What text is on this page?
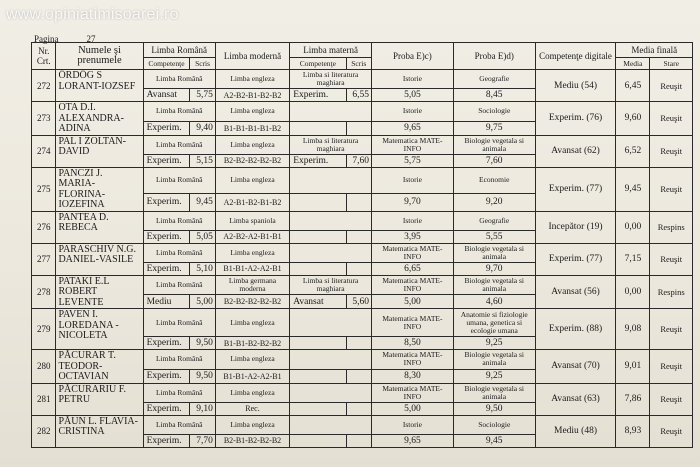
www.opiniatimisoarei.ro
Pagina	27
Nr. Crt.	Numele şi prenumele	Limba Română		Limba modernă	Limba maternă		Proba E)c)	Proba E)d)	Competenţe digitale	Media finală	
		Competenţe	Scris		Competenţe	Scris				Media	Stare
272	ÖRDÖG S LORANT-IOZSEF	Limba Română		Limba engleza	Limba si literatura maghiara		Istorie	Geografie	Mediu (54)	6,45	Reuşit
		Avansat	5,75	A2-B2-B1-B2-B2	Experim.	6,55	5,05	8,45			
273	OTA D.I. ALEXANDRA-ADINA	Limba Română		Limba engleza			Istorie	Sociologie	Experim. (76)	9,60	Reuşit
		Experim.	9,40	B1-B1-B1-B1-B2			9,65	9,75			
274	PAL I ZOLTAN-DAVID	Limba Română		Limba engleza	Limba si literatura maghiara		Matematica MATE-INFO	Biologie vegetala si animala	Avansat (62)	6,52	Reuşit
		Experim.	5,15	B2-B2-B2-B2-B2	Experim.	7,60	5,75	7,60			
275	PANCZI J. MARIA-FLORINA-IOZEFINA	Limba Română		Limba engleza			Istorie	Economie	Experim. (77)	9,45	Reuşit
		Experim.	9,45	A2-B1-B2-B1-B2			9,70	9,20			
276	PANTEA D. REBECA	Limba Română		Limba spaniola			Istorie	Geografie	Incepător (19)	0,00	Respins
		Experim.	5,05	A2-B2-A2-B1-B1			3,95	5,55			
277	PARASCHIV N.G. DANIEL-VASILE	Limba Română		Limba engleza			Matematica MATE-INFO	Biologie vegetala si animala	Experim. (77)	7,15	Reuşit
		Experim.	5,10	B1-B1-A2-A2-B1			6,65	9,70			
278	PATAKI E.L ROBERT LEVENTE	Limba Română		Limba germana moderna	Limba si literatura maghiara		Matematica MATE-INFO	Biologie vegetala si animala	Avansat (56)	0,00	Respins
		Mediu	5,00	B2-B2-B2-B2-B2	Avansat	5,60	5,00	4,60			
279	PAVEN I. LOREDANA - NICOLETA	Limba Română		Limba engleza			Matematica MATE-INFO	Anatomie si fiziologie umana, genetica si ecologie umana	Experim. (88)	9,08	Reuşit
		Experim.	9,50	B1-B1-B2-B2-B2			8,50	9,25			
280	PĂCURAR T. TEODOR-OCTAVIAN	Limba Română		Limba engleza			Matematica MATE-INFO	Biologie vegetala si animala	Avansat (70)	9,01	Reuşit
		Experim.	9,50	B1-B1-A2-A2-B1			8,30	9,25			
281	PĂCURARIU F. PETRU	Limba Română		Limba engleza			Matematica MATE-INFO	Biologie vegetala si animala	Avansat (63)	7,86	Reuşit
		Experim.	9,10	Rec.			5,00	9,50			
282	PĂUN L. FLAVIA-CRISTINA	Limba Română		Limba engleza			Istorie	Sociologie	Mediu (48)	8,93	Reuşit
		Experim.	7,70	B2-B1-B2-B2-B2			9,65	9,45			
